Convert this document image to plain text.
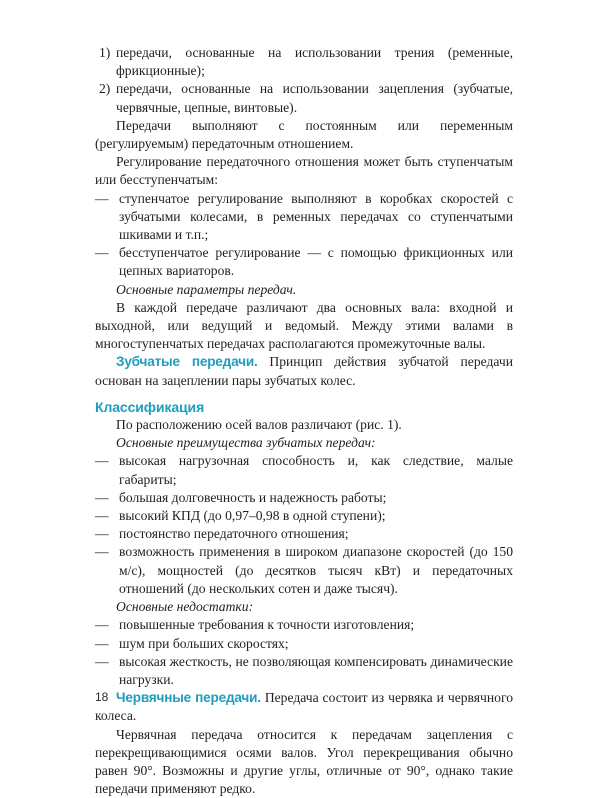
1) передачи, основанные на использовании трения (ременные, фрикционные);
2) передачи, основанные на использовании зацепления (зубчатые, червячные, цепные, винтовые).
Передачи выполняют с постоянным или переменным (регулируемым) передаточным отношением.
Регулирование передаточного отношения может быть ступенчатым или бесступенчатым:
— ступенчатое регулирование выполняют в коробках скоростей с зубчатыми колесами, в ременных передачах со ступенчатыми шкивами и т.п.;
— бесступенчатое регулирование — с помощью фрикционных или цепных вариаторов.
Основные параметры передач.
В каждой передаче различают два основных вала: входной и выходной, или ведущий и ведомый. Между этими валами в многоступенчатых передачах располагаются промежуточные валы.
Зубчатые передачи. Принцип действия зубчатой передачи основан на зацеплении пары зубчатых колес.
Классификация
По расположению осей валов различают (рис. 1).
Основные преимущества зубчатых передач:
— высокая нагрузочная способность и, как следствие, малые габариты;
— большая долговечность и надежность работы;
— высокий КПД (до 0,97–0,98 в одной ступени);
— постоянство передаточного отношения;
— возможность применения в широком диапазоне скоростей (до 150 м/с), мощностей (до десятков тысяч кВт) и передаточных отношений (до нескольких сотен и даже тысяч).
Основные недостатки:
— повышенные требования к точности изготовления;
— шум при больших скоростях;
— высокая жесткость, не позволяющая компенсировать динамические нагрузки.
Червячные передачи. Передача состоит из червяка и червячного колеса.
Червячная передача относится к передачам зацепления с перекрещивающимися осями валов. Угол перекрещивания обычно равен 90°. Возможны и другие углы, отличные от 90°, однако такие передачи применяют редко.
18
